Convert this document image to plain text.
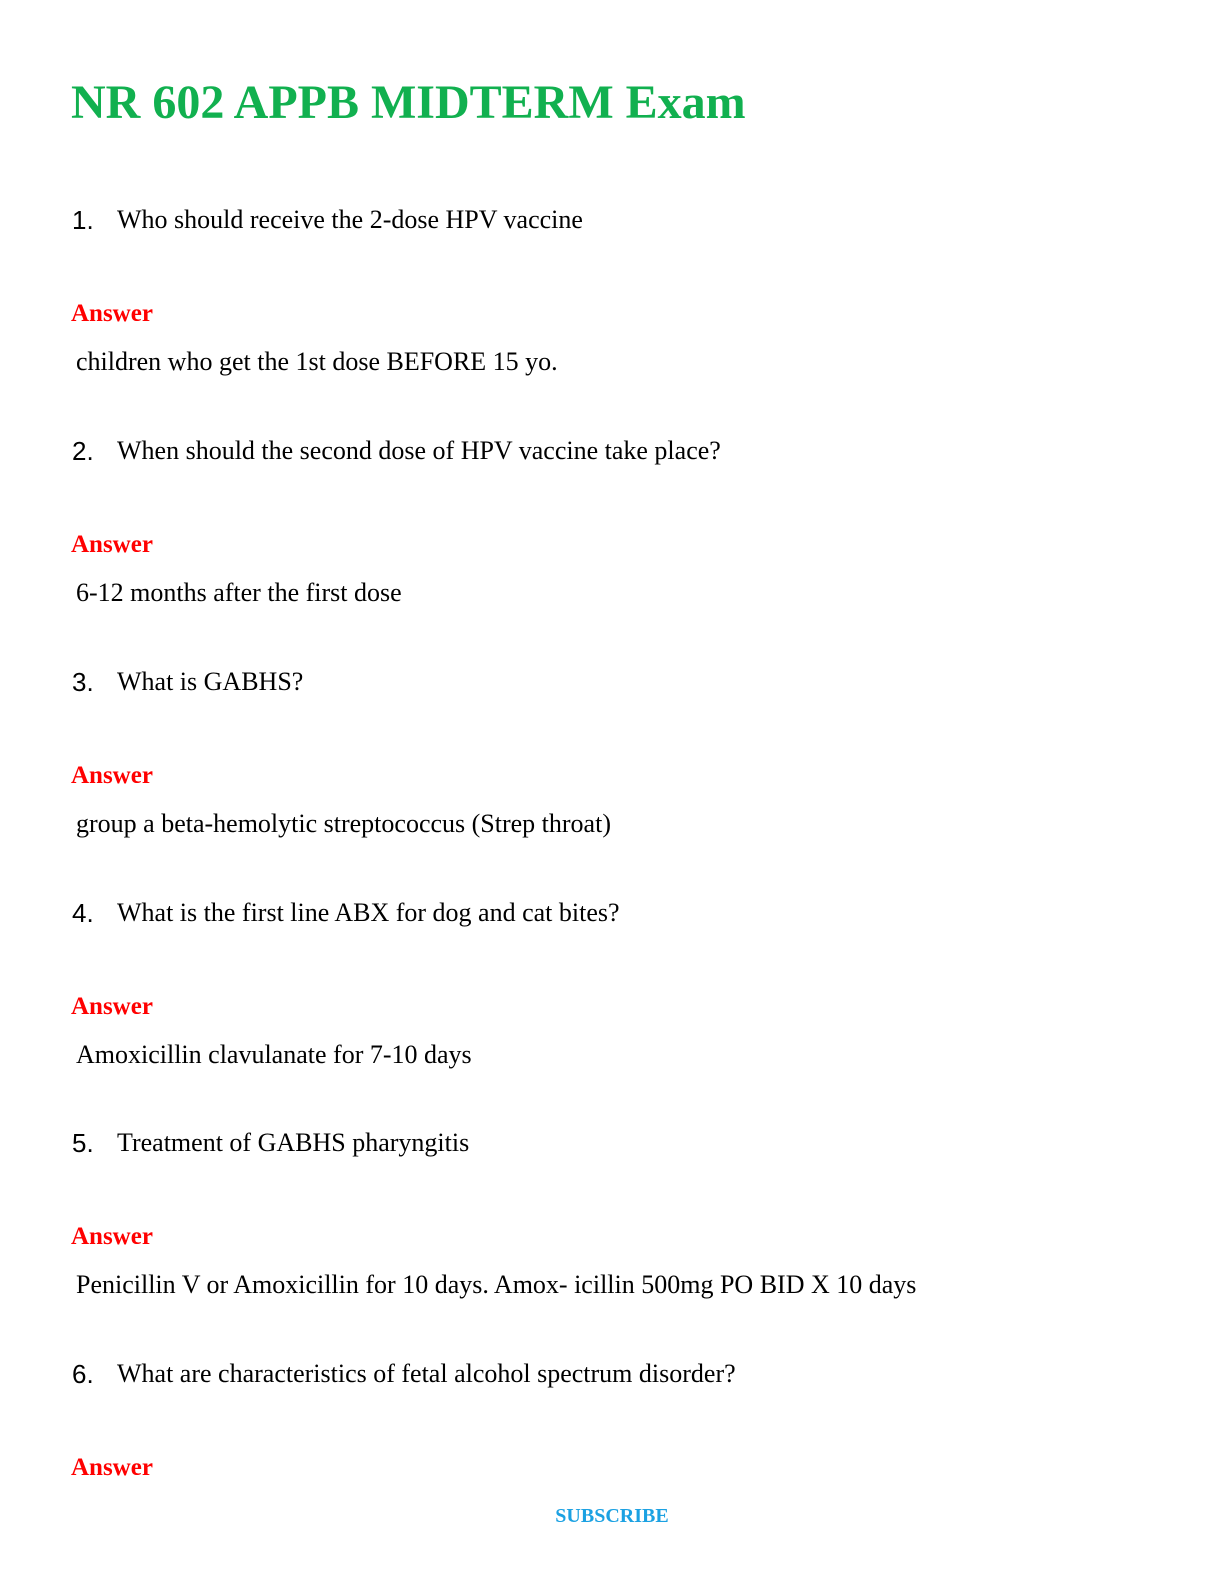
NR 602 APPB MIDTERM Exam
1. Who should receive the 2-dose HPV vaccine
Answer
children who get the 1st dose BEFORE 15 yo.
2. When should the second dose of HPV vaccine take place?
Answer
6-12 months after the first dose
3. What is GABHS?
Answer
group a beta-hemolytic streptococcus (Strep throat)
4. What is the first line ABX for dog and cat bites?
Answer
Amoxicillin clavulanate for 7-10 days
5. Treatment of GABHS pharyngitis
Answer
Penicillin V or Amoxicillin for 10 days. Amox- icillin 500mg PO BID X 10 days
6. What are characteristics of fetal alcohol spectrum disorder?
Answer
SUBSCRIBE
